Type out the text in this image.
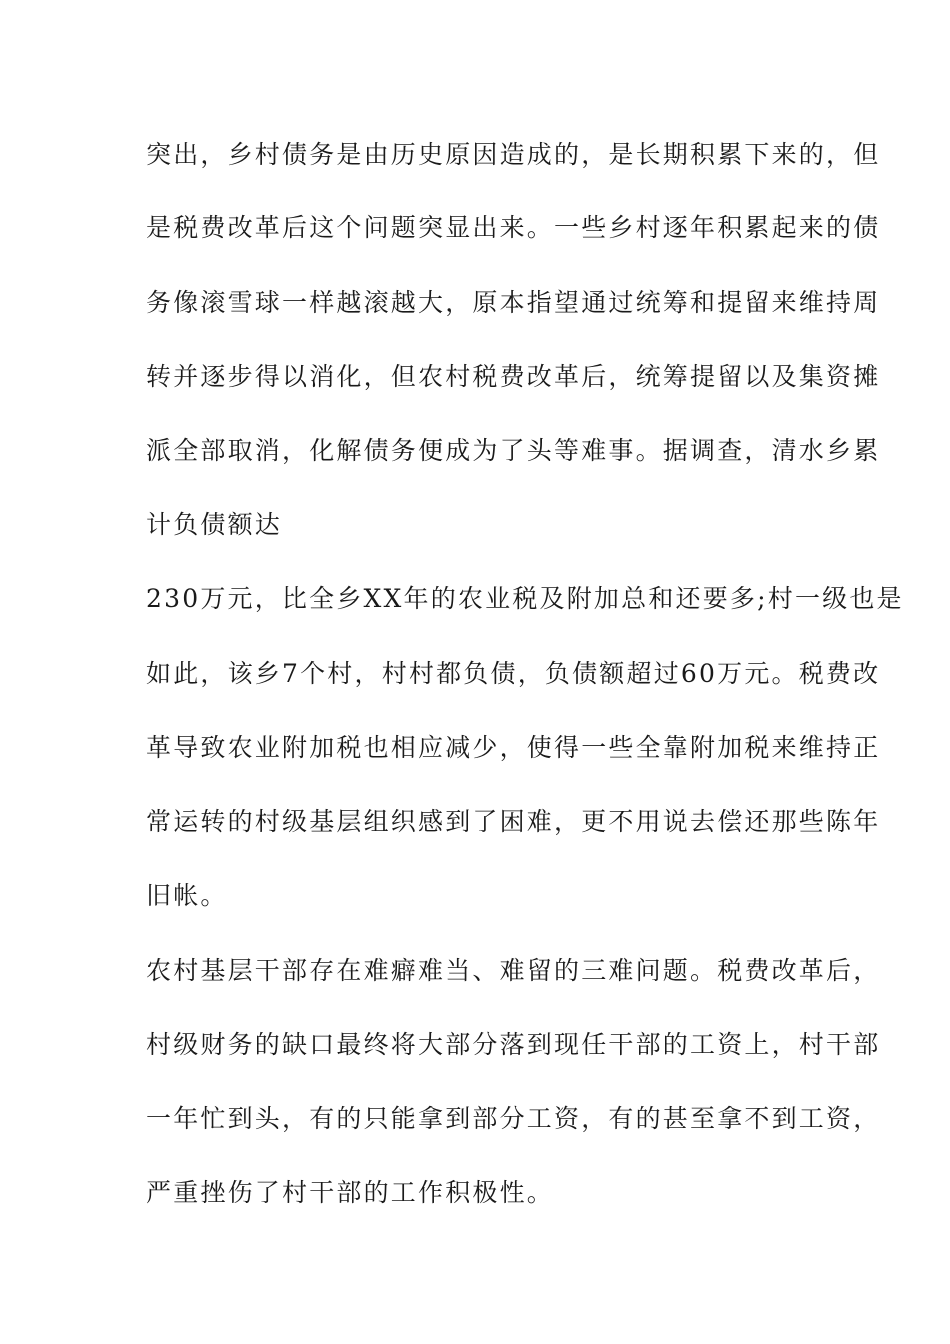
突出，乡村债务是由历史原因造成的，是长期积累下来的，但
是税费改革后这个问题突显出来。一些乡村逐年积累起来的债
务像滚雪球一样越滚越大，原本指望通过统筹和提留来维持周
转并逐步得以消化，但农村税费改革后，统筹提留以及集资摊
派全部取消，化解债务便成为了头等难事。据调查，清水乡累
计负债额达
230万元，比全乡XX年的农业税及附加总和还要多;村一级也是
如此，该乡7个村，村村都负债，负债额超过60万元。税费改
革导致农业附加税也相应减少，使得一些全靠附加税来维持正
常运转的村级基层组织感到了困难，更不用说去偿还那些陈年
旧帐。
农村基层干部存在难癖难当、难留的三难问题。税费改革后，
村级财务的缺口最终将大部分落到现任干部的工资上，村干部
一年忙到头，有的只能拿到部分工资，有的甚至拿不到工资，
严重挫伤了村干部的工作积极性。
